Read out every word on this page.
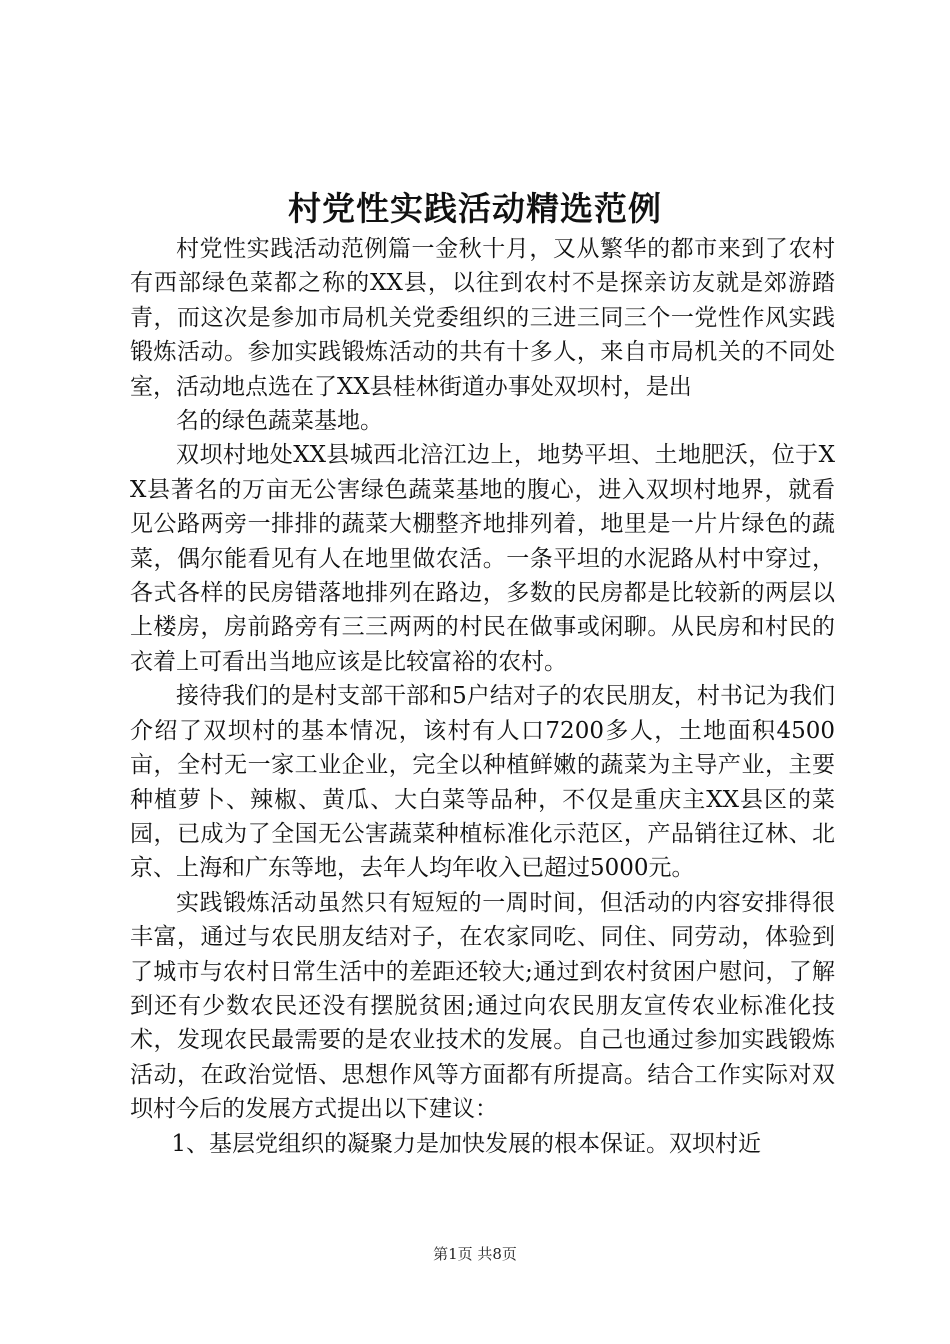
村党性实践活动精选范例

村党性实践活动范例篇一金秋十月，又从繁华的都市来到了农村有西部绿色菜都之称的XX县，以往到农村不是探亲访友就是郊游踏青，而这次是参加市局机关党委组织的三进三同三个一党性作风实践锻炼活动。参加实践锻炼活动的共有十多人，来自市局机关的不同处室，活动地点选在了XX县桂林街道办事处双坝村，是出

名的绿色蔬菜基地。

双坝村地处XX县城西北涪江边上，地势平坦、土地肥沃，位于XX县著名的万亩无公害绿色蔬菜基地的腹心，进入双坝村地界，就看见公路两旁一排排的蔬菜大棚整齐地排列着，地里是一片片绿色的蔬菜，偶尔能看见有人在地里做农活。一条平坦的水泥路从村中穿过，各式各样的民房错落地排列在路边，多数的民房都是比较新的两层以上楼房，房前路旁有三三两两的村民在做事或闲聊。从民房和村民的衣着上可看出当地应该是比较富裕的农村。

接待我们的是村支部干部和5户结对子的农民朋友，村书记为我们介绍了双坝村的基本情况，该村有人口7200多人，土地面积4500亩，全村无一家工业企业，完全以种植鲜嫩的蔬菜为主导产业，主要种植萝卜、辣椒、黄瓜、大白菜等品种，不仅是重庆主XX县区的菜园，已成为了全国无公害蔬菜种植标准化示范区，产品销往辽林、北京、上海和广东等地，去年人均年收入已超过5000元。

实践锻炼活动虽然只有短短的一周时间，但活动的内容安排得很丰富，通过与农民朋友结对子，在农家同吃、同住、同劳动，体验到了城市与农村日常生活中的差距还较大;通过到农村贫困户慰问，了解到还有少数农民还没有摆脱贫困;通过向农民朋友宣传农业标准化技术，发现农民最需要的是农业技术的发展。自己也通过参加实践锻炼活动，在政治觉悟、思想作风等方面都有所提高。结合工作实际对双坝村今后的发展方式提出以下建议：

1、基层党组织的凝聚力是加快发展的根本保证。双坝村近

第1页 共8页
